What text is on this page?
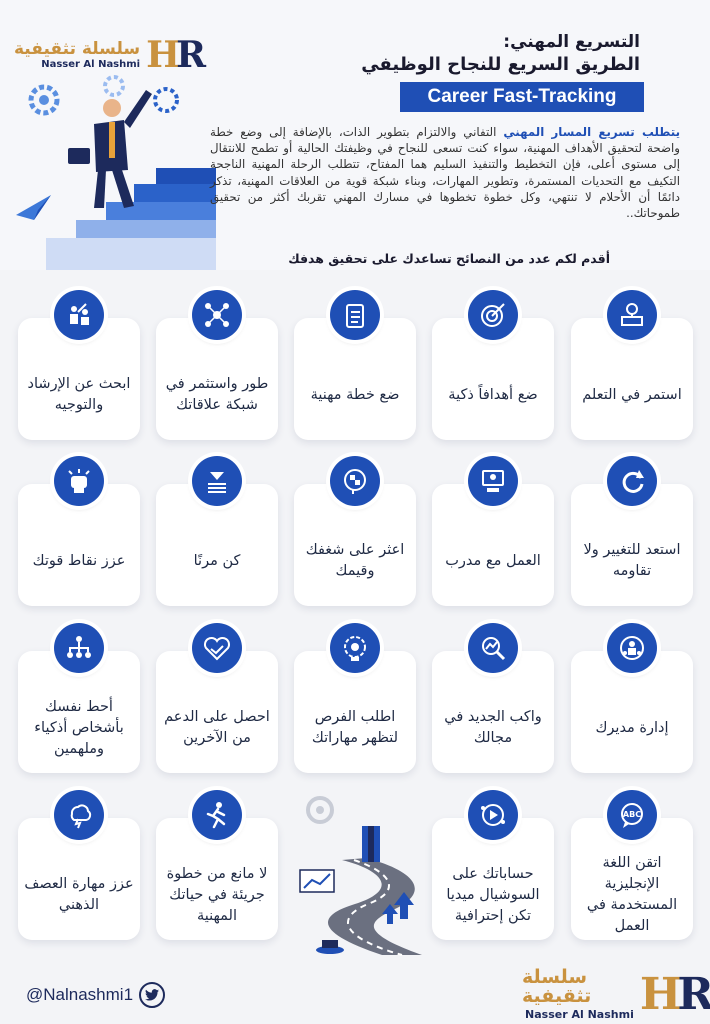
سلسلة تثقيفية
Nasser Al Nashmi HR	التسريع المهني:
الطريق السريع للنجاح الوظيفي
Career Fast-Tracking
يتطلب تسريع المسار المهني التفاني والالتزام بتطوير الذات، بالإضافة إلى وضع خطة واضحة لتحقيق الأهداف المهنية، سواء كنت تسعى للنجاح في وظيفتك الحالية أو تطمح للانتقال إلى مستوى أعلى، فإن التخطيط والتنفيذ السليم هما المفتاح، تتطلب الرحلة المهنية الناجحة التكيف مع التحديات المستمرة، وتطوير المهارات، وبناء شبكة قوية من العلاقات المهنية، تذكر دائمًا أن الأحلام لا تنتهي، وكل خطوة تخطوها في مسارك المهني تقربك أكثر من تحقيق طموحاتك..
أقدم لكم عدد من النصائح تساعدك على تحقيق هدفك
استمر في التعلم
ضع أهدافاً ذكية
ضع خطة مهنية
طور واستثمر في شبكة علاقاتك
ابحث عن الإرشاد والتوجيه
استعد للتغيير ولا تقاومه
العمل مع مدرب
اعثر على شغفك وقيمك
كن مرنًا
عزز نقاط قوتك
إدارة مديرك
واكب الجديد في مجالك
اطلب الفرص لتظهر مهاراتك
احصل على الدعم من الآخرين
أحط نفسك بأشخاص أذكياء وملهمين
اتقن اللغة الإنجليزية المستخدمة في العمل
ABC
حساباتك على السوشيال ميديا تكن إحترافية
لا مانع من خطوة جريئة في حياتك المهنية
عزز مهارة العصف الذهني
سلسلة تثقيفية
Nasser Al Nashmi HR
@Nalnashmi1
